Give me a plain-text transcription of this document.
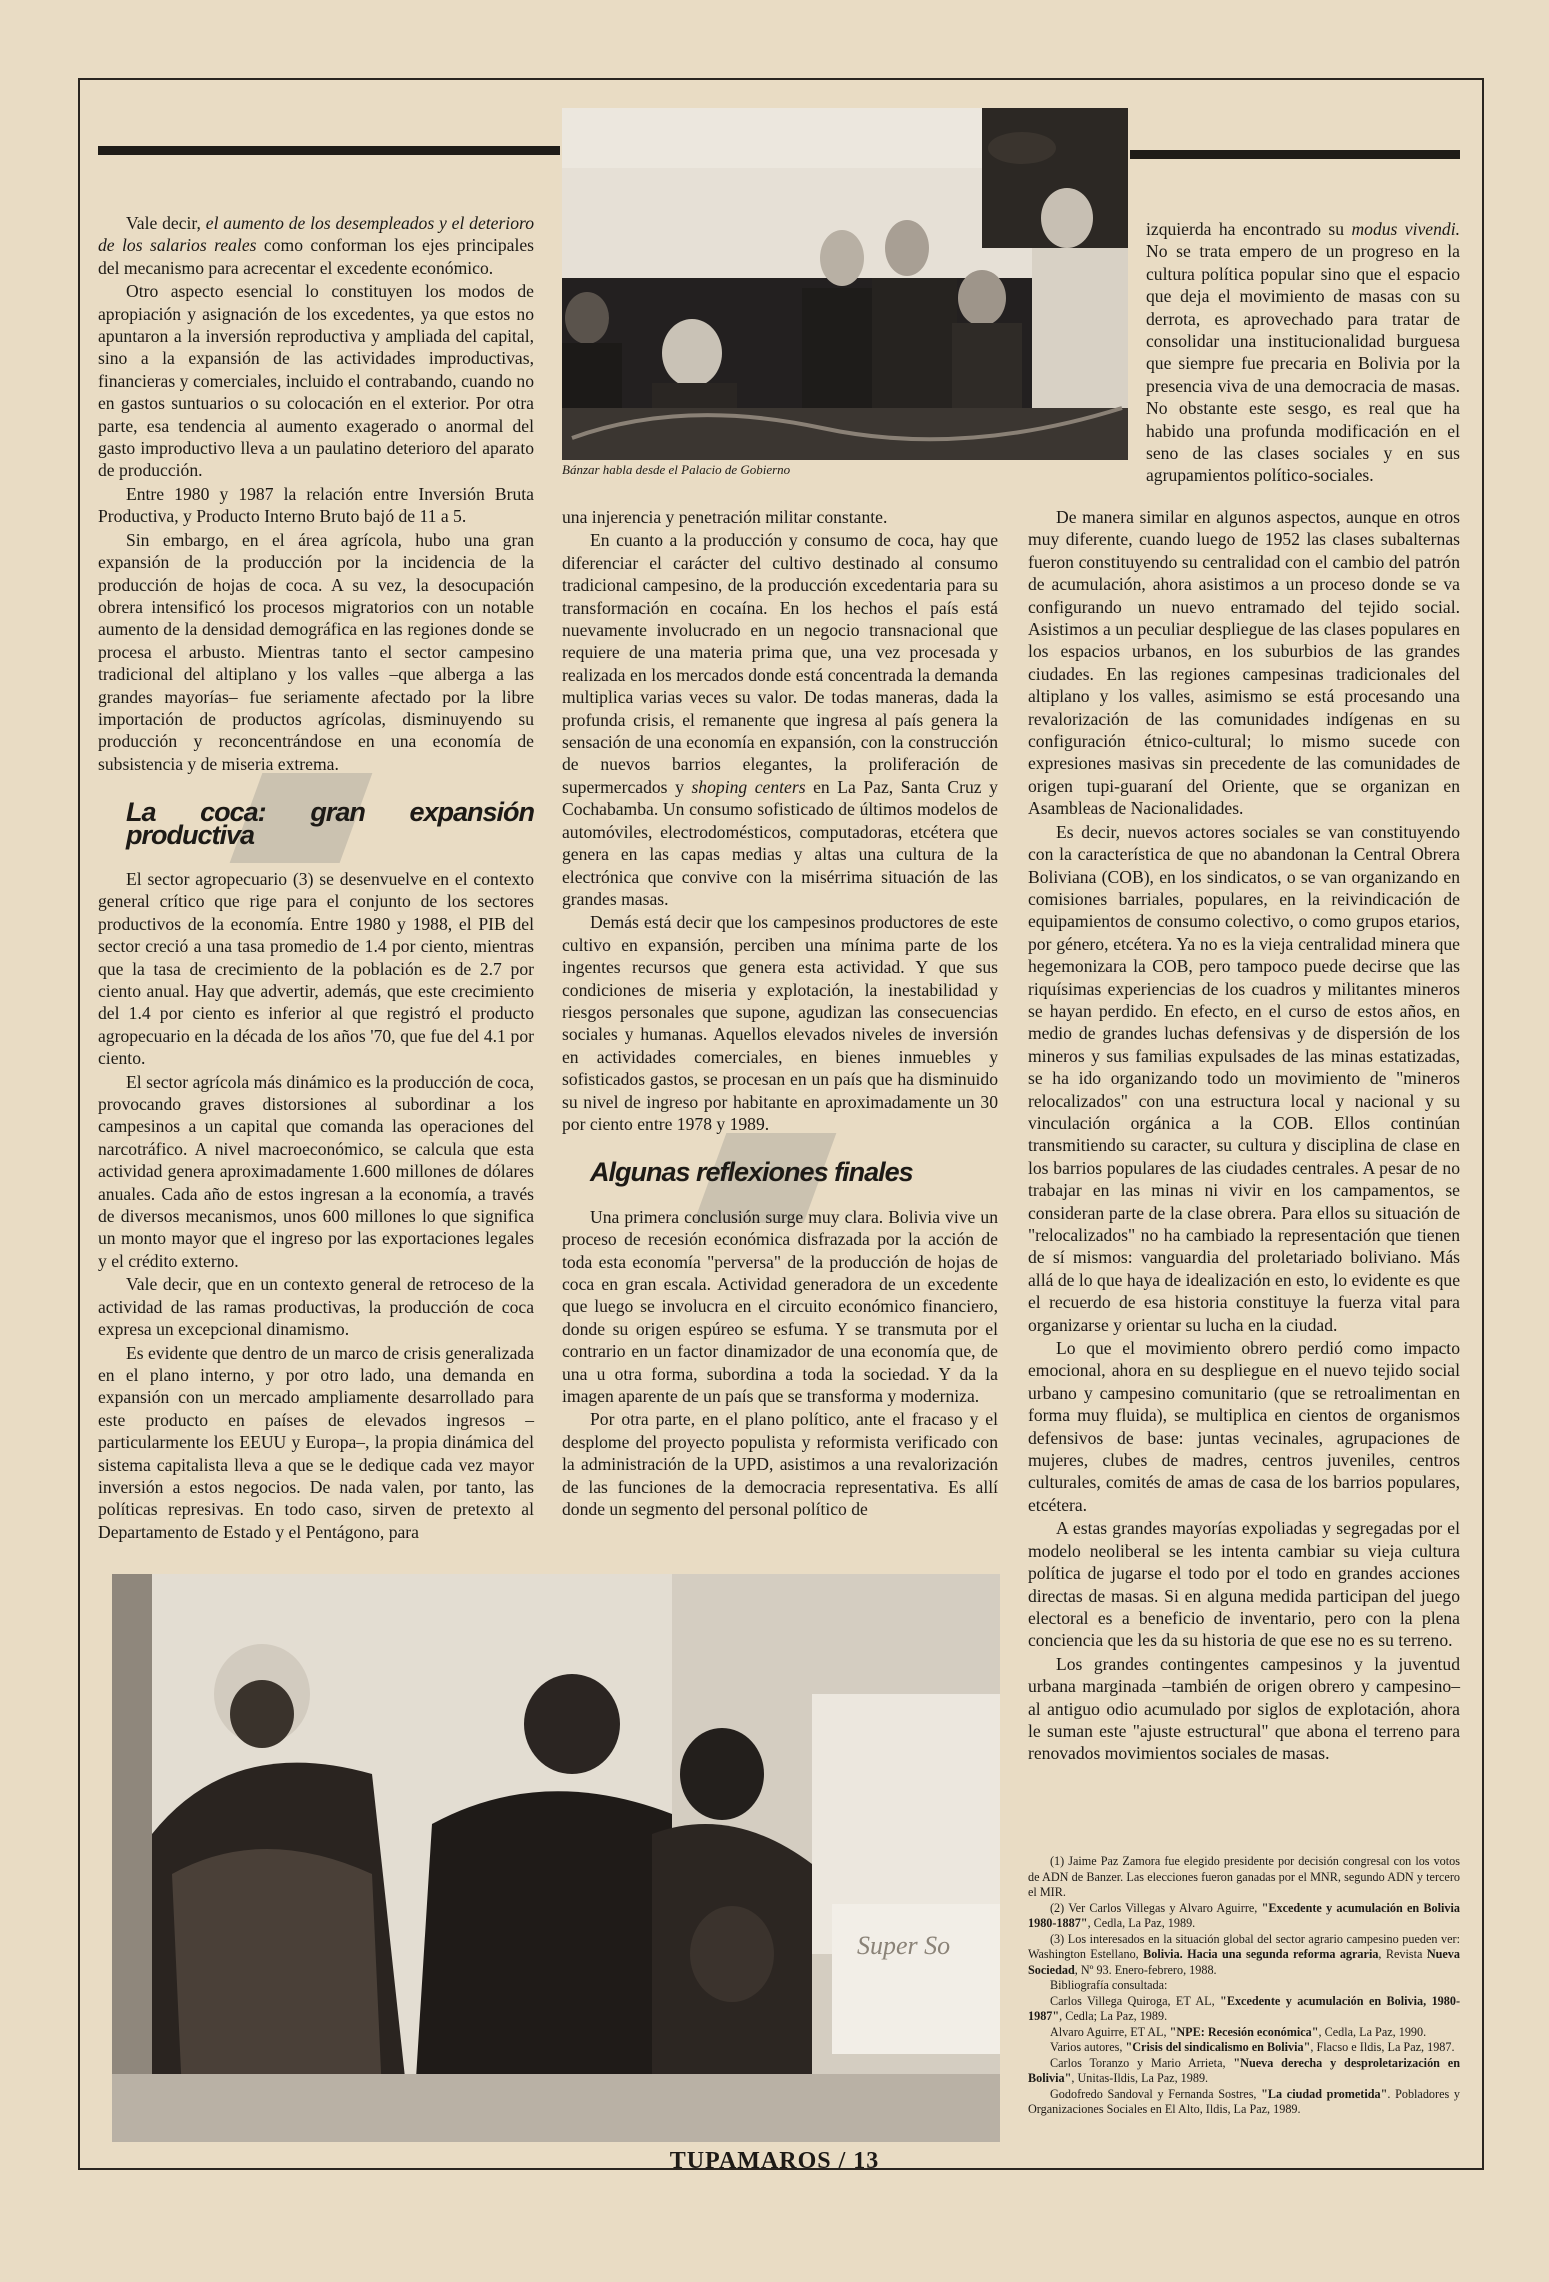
Bánzar habla desde el Palacio de Gobierno

Vale decir, el aumento de los desempleados y el deterioro de los salarios reales como conforman los ejes principales del mecanismo para acrecentar el excedente económico.

Otro aspecto esencial lo constituyen los modos de apropiación y asignación de los excedentes, ya que estos no apuntaron a la inversión reproductiva y ampliada del capital, sino a la expansión de las actividades improductivas, financieras y comerciales, incluido el contrabando, cuando no en gastos suntuarios o su colocación en el exterior. Por otra parte, esa tendencia al aumento exagerado o anormal del gasto improductivo lleva a un paulatino deterioro del aparato de producción.

Entre 1980 y 1987 la relación entre Inversión Bruta Productiva, y Producto Interno Bruto bajó de 11 a 5.

Sin embargo, en el área agrícola, hubo una gran expansión de la producción por la incidencia de la producción de hojas de coca. A su vez, la desocupación obrera intensificó los procesos migratorios con un notable aumento de la densidad demográfica en las regiones donde se procesa el arbusto. Mientras tanto el sector campesino tradicional del altiplano y los valles –que alberga a las grandes mayorías– fue seriamente afectado por la libre importación de productos agrícolas, disminuyendo su producción y reconcentrándose en una economía de subsistencia y de miseria extrema.

La coca: gran expansión productiva

El sector agropecuario (3) se desenvuelve en el contexto general crítico que rige para el conjunto de los sectores productivos de la economía. Entre 1980 y 1988, el PIB del sector creció a una tasa promedio de 1.4 por ciento, mientras que la tasa de crecimiento de la población es de 2.7 por ciento anual. Hay que advertir, además, que este crecimiento del 1.4 por ciento es inferior al que registró el producto agropecuario en la década de los años '70, que fue del 4.1 por ciento.

El sector agrícola más dinámico es la producción de coca, provocando graves distorsiones al subordinar a los campesinos a un capital que comanda las operaciones del narcotráfico. A nivel macroeconómico, se calcula que esta actividad genera aproximadamente 1.600 millones de dólares anuales. Cada año de estos ingresan a la economía, a través de diversos mecanismos, unos 600 millones lo que significa un monto mayor que el ingreso por las exportaciones legales y el crédito externo.

Vale decir, que en un contexto general de retroceso de la actividad de las ramas productivas, la producción de coca expresa un excepcional dinamismo.

Es evidente que dentro de un marco de crisis generalizada en el plano interno, y por otro lado, una demanda en expansión con un mercado ampliamente desarrollado para este producto en países de elevados ingresos –particularmente los EEUU y Europa–, la propia dinámica del sistema capitalista lleva a que se le dedique cada vez mayor inversión a estos negocios. De nada valen, por tanto, las políticas represivas. En todo caso, sirven de pretexto al Departamento de Estado y el Pentágono, para

una injerencia y penetración militar constante.

En cuanto a la producción y consumo de coca, hay que diferenciar el carácter del cultivo destinado al consumo tradicional campesino, de la producción excedentaria para su transformación en cocaína. En los hechos el país está nuevamente involucrado en un negocio transnacional que requiere de una materia prima que, una vez procesada y realizada en los mercados donde está concentrada la demanda multiplica varias veces su valor. De todas maneras, dada la profunda crisis, el remanente que ingresa al país genera la sensación de una economía en expansión, con la construcción de nuevos barrios elegantes, la proliferación de supermercados y shoping centers en La Paz, Santa Cruz y Cochabamba. Un consumo sofisticado de últimos modelos de automóviles, electrodomésticos, computadoras, etcétera que genera en las capas medias y altas una cultura de la electrónica que convive con la misérrima situación de las grandes masas.

Demás está decir que los campesinos productores de este cultivo en expansión, perciben una mínima parte de los ingentes recursos que genera esta actividad. Y que sus condiciones de miseria y explotación, la inestabilidad y riesgos personales que supone, agudizan las consecuencias sociales y humanas. Aquellos elevados niveles de inversión en actividades comerciales, en bienes inmuebles y sofisticados gastos, se procesan en un país que ha disminuido su nivel de ingreso por habitante en aproximadamente un 30 por ciento entre 1978 y 1989.

Algunas reflexiones finales

Una primera conclusión surge muy clara. Bolivia vive un proceso de recesión económica disfrazada por la acción de toda esta economía "perversa" de la producción de hojas de coca en gran escala. Actividad generadora de un excedente que luego se involucra en el circuito económico financiero, donde su origen espúreo se esfuma. Y se transmuta por el contrario en un factor dinamizador de una economía que, de una u otra forma, subordina a toda la sociedad. Y da la imagen aparente de un país que se transforma y moderniza.

Por otra parte, en el plano político, ante el fracaso y el desplome del proyecto populista y reformista verificado con la administración de la UPD, asistimos a una revalorización de las funciones de la democracia representativa. Es allí donde un segmento del personal político de

izquierda ha encontrado su modus vivendi. No se trata empero de un progreso en la cultura política popular sino que el espacio que deja el movimiento de masas con su derrota, es aprovechado para tratar de consolidar una institucionalidad burguesa que siempre fue precaria en Bolivia por la presencia viva de una democracia de masas. No obstante este sesgo, es real que ha habido una profunda modificación en el seno de las clases sociales y en sus agrupamientos político-sociales.

De manera similar en algunos aspectos, aunque en otros muy diferente, cuando luego de 1952 las clases subalternas fueron constituyendo su centralidad con el cambio del patrón de acumulación, ahora asistimos a un proceso donde se va configurando un nuevo entramado del tejido social. Asistimos a un peculiar despliegue de las clases populares en los espacios urbanos, en los suburbios de las grandes ciudades. En las regiones campesinas tradicionales del altiplano y los valles, asimismo se está procesando una revalorización de las comunidades indígenas en su configuración étnico-cultural; lo mismo sucede con expresiones masivas sin precedente de las comunidades de origen tupi-guaraní del Oriente, que se organizan en Asambleas de Nacionalidades.

Es decir, nuevos actores sociales se van constituyendo con la característica de que no abandonan la Central Obrera Boliviana (COB), en los sindicatos, o se van organizando en comisiones barriales, populares, en la reivindicación de equipamientos de consumo colectivo, o como grupos etarios, por género, etcétera. Ya no es la vieja centralidad minera que hegemonizara la COB, pero tampoco puede decirse que las riquísimas experiencias de los cuadros y militantes mineros se hayan perdido. En efecto, en el curso de estos años, en medio de grandes luchas defensivas y de dispersión de los mineros y sus familias expulsades de las minas estatizadas, se ha ido organizando todo un movimiento de "mineros relocalizados" con una estructura local y nacional y su vinculación orgánica a la COB. Ellos continúan transmitiendo su caracter, su cultura y disciplina de clase en los barrios populares de las ciudades centrales. A pesar de no trabajar en las minas ni vivir en los campamentos, se consideran parte de la clase obrera. Para ellos su situación de "relocalizados" no ha cambiado la representación que tienen de sí mismos: vanguardia del proletariado boliviano. Más allá de lo que haya de idealización en esto, lo evidente es que el recuerdo de esa historia constituye la fuerza vital para organizarse y orientar su lucha en la ciudad.

Lo que el movimiento obrero perdió como impacto emocional, ahora en su despliegue en el nuevo tejido social urbano y campesino comunitario (que se retroalimentan en forma muy fluida), se multiplica en cientos de organismos defensivos de base: juntas vecinales, agrupaciones de mujeres, clubes de madres, centros juveniles, centros culturales, comités de amas de casa de los barrios populares, etcétera.

A estas grandes mayorías expoliadas y segregadas por el modelo neoliberal se les intenta cambiar su vieja cultura política de jugarse el todo por el todo en grandes acciones directas de masas. Si en alguna medida participan del juego electoral es a beneficio de inventario, pero con la plena conciencia que les da su historia de que ese no es su terreno.

Los grandes contingentes campesinos y la juventud urbana marginada –también de origen obrero y campesino– al antiguo odio acumulado por siglos de explotación, ahora le suman este "ajuste estructural" que abona el terreno para renovados movimientos sociales de masas.

(1) Jaime Paz Zamora fue elegido presidente por decisión congresal con los votos de ADN de Banzer. Las elecciones fueron ganadas por el MNR, segundo ADN y tercero el MIR.

(2) Ver Carlos Villegas y Alvaro Aguirre, "Excedente y acumulación en Bolivia 1980-1887", Cedla, La Paz, 1989.

(3) Los interesados en la situación global del sector agrario campesino pueden ver: Washington Estellano, Bolivia. Hacia una segunda reforma agraria, Revista Nueva Sociedad, Nº 93. Enero-febrero, 1988.

Bibliografía consultada:

Carlos Villega Quiroga, ET AL, "Excedente y acumulación en Bolivia, 1980-1987", Cedla; La Paz, 1989.

Alvaro Aguirre, ET AL, "NPE: Recesión económica", Cedla, La Paz, 1990.

Varios autores, "Crisis del sindicalismo en Bolivia", Flacso e Ildis, La Paz, 1987.

Carlos Toranzo y Mario Arrieta, "Nueva derecha y desproletarización en Bolivia", Unitas-Ildis, La Paz, 1989.

Godofredo Sandoval y Fernanda Sostres, "La ciudad prometida". Pobladores y Organizaciones Sociales en El Alto, Ildis, La Paz, 1989.

Super So
TUPAMAROS / 13
